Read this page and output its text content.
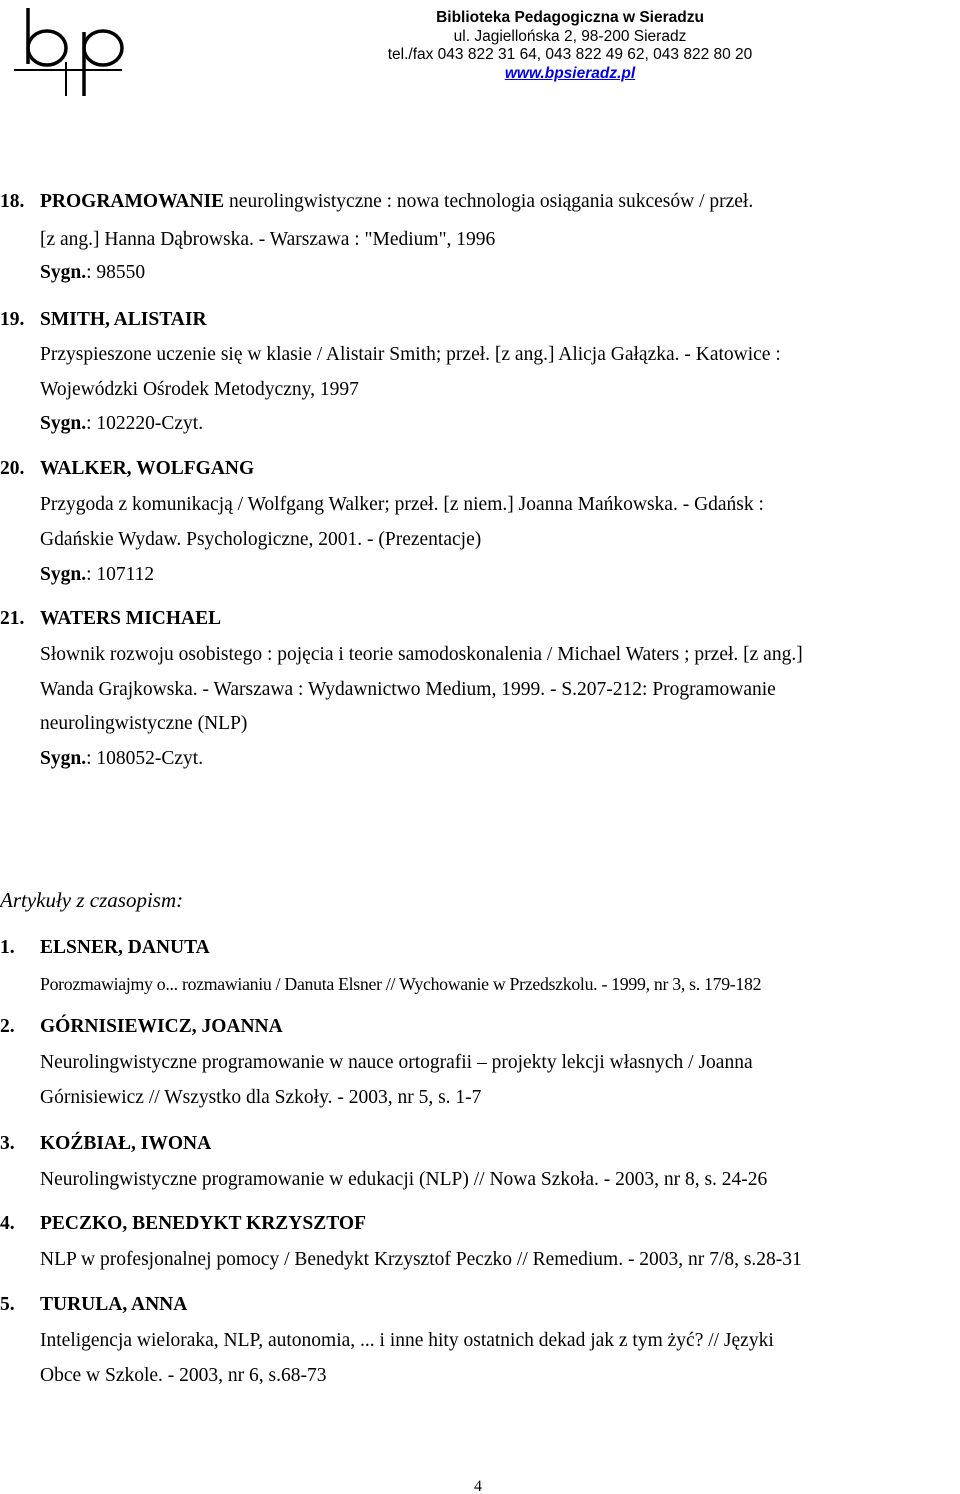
Biblioteka Pedagogiczna w Sieradzu
ul. Jagiellońska 2, 98-200 Sieradz
tel./fax 043 822 31 64, 043 822 49 62, 043 822 80 20
www.bpsieradz.pl
18. PROGRAMOWANIE neurolingwistyczne : nowa technologia osiągania sukcesów / przeł.
[z ang.] Hanna Dąbrowska. - Warszawa : "Medium", 1996
Sygn.: 98550
19. SMITH, ALISTAIR
Przyspieszone uczenie się w klasie / Alistair Smith; przeł. [z ang.] Alicja Gałązka. - Katowice :
Wojewódzki Ośrodek Metodyczny, 1997
Sygn.: 102220-Czyt.
20. WALKER, WOLFGANG
Przygoda z komunikacją / Wolfgang Walker; przeł. [z niem.] Joanna Mańkowska. - Gdańsk :
Gdańskie Wydaw. Psychologiczne, 2001. - (Prezentacje)
Sygn.: 107112
21. WATERS MICHAEL
Słownik rozwoju osobistego : pojęcia i teorie samodoskonalenia / Michael Waters ; przeł. [z ang.]
Wanda Grajkowska. - Warszawa : Wydawnictwo Medium, 1999. - S.207-212: Programowanie
neurolingwistyczne (NLP)
Sygn.: 108052-Czyt.
Artykuły z czasopism:
1.	ELSNER, DANUTA
Porozmawiajmy o... rozmawianiu / Danuta Elsner // Wychowanie w Przedszkolu. - 1999, nr 3, s. 179-182
2.	GÓRNISIEWICZ, JOANNA
Neurolingwistyczne programowanie w nauce ortografii – projekty lekcji własnych / Joanna
Górnisiewicz // Wszystko dla Szkoły. - 2003, nr 5, s. 1-7
3.	KOŹBIAŁ, IWONA
Neurolingwistyczne programowanie w edukacji (NLP) // Nowa Szkoła. - 2003, nr 8, s. 24-26
4.	PECZKO, BENEDYKT KRZYSZTOF
NLP w profesjonalnej pomocy / Benedykt Krzysztof Peczko // Remedium. - 2003, nr 7/8, s.28-31
5.	TURULA, ANNA
Inteligencja wieloraka, NLP, autonomia, ... i inne hity ostatnich dekad jak z tym żyć? // Języki
Obce w Szkole. - 2003, nr 6, s.68-73
4
